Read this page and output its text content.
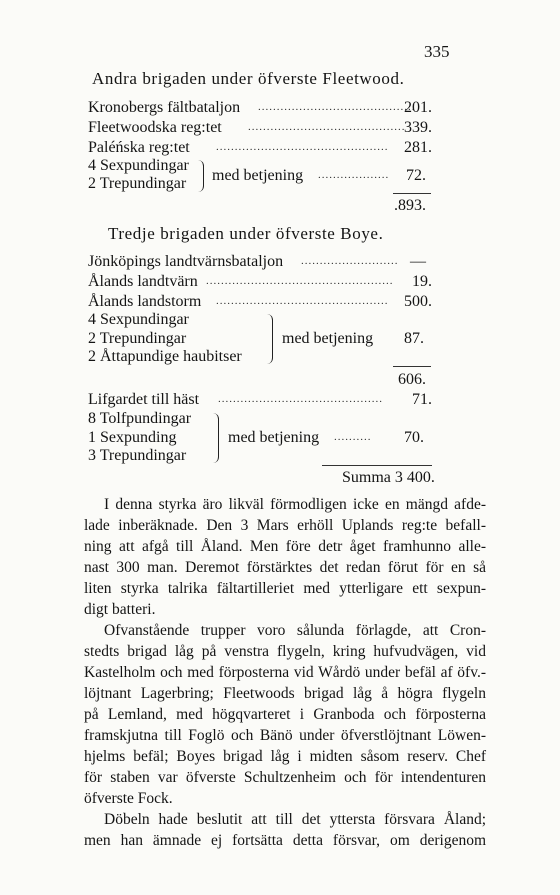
335
Andra brigaden under öfverste Fleetwood.
Kronobergs fältbataljon ..........................................
201.
Fleetwoodska reg:tet ..........................................
339.
Paléńska reg:tet .............................................. 281.
4 Sexpundingar
2 Trepundingar med betjening ................... 72.
.893.
Tredje brigaden under öfverste Boye.
Jönköpings landtvärnsbataljon .......................... —
Ålands landtvärn .................................................. 19.
Ålands landstorm .............................................. 500.
4 Sexpundingar
2 Trepundingar
2 Åttapundige haubitser
med betjening 87.
606.
Lifgardet till häst ............................................	71.
8 Tolfpundingar
1 Sexpunding
3 Trepundingar
med betjening .......... 70.
Summa 3 400.
I denna styrka äro likväl förmodligen icke en mängd afde-
lade inberäknade. Den 3 Mars erhöll Uplands reg:te befall-
ning att afgå till Åland. Men före detr åget framhunno alle-
nast 300 man. Deremot förstärktes det redan förut för en så
liten styrka talrika fältartilleriet med ytterligare ett sexpun-
digt batteri.
Ofvanstående trupper voro sålunda förlagde, att Cron-
stedts brigad låg på venstra flygeln, kring hufvudvägen, vid
Kastelholm och med förposterna vid Wårdö under befäl af öfv.-
löjtnant Lagerbring; Fleetwoods brigad låg å högra flygeln
på Lemland, med högqvarteret i Granboda och förposterna
framskjutna till Foglö och Bänö under öfverstlöjtnant Löwen-
hjelms befäl; Boyes brigad låg i midten såsom reserv. Chef
för staben var öfverste Schultzenheim och för intendenturen
öfverste Fock.
Döbeln hade beslutit att till det yttersta försvara Åland;
men han ämnade ej fortsätta detta försvar, om derigenom
